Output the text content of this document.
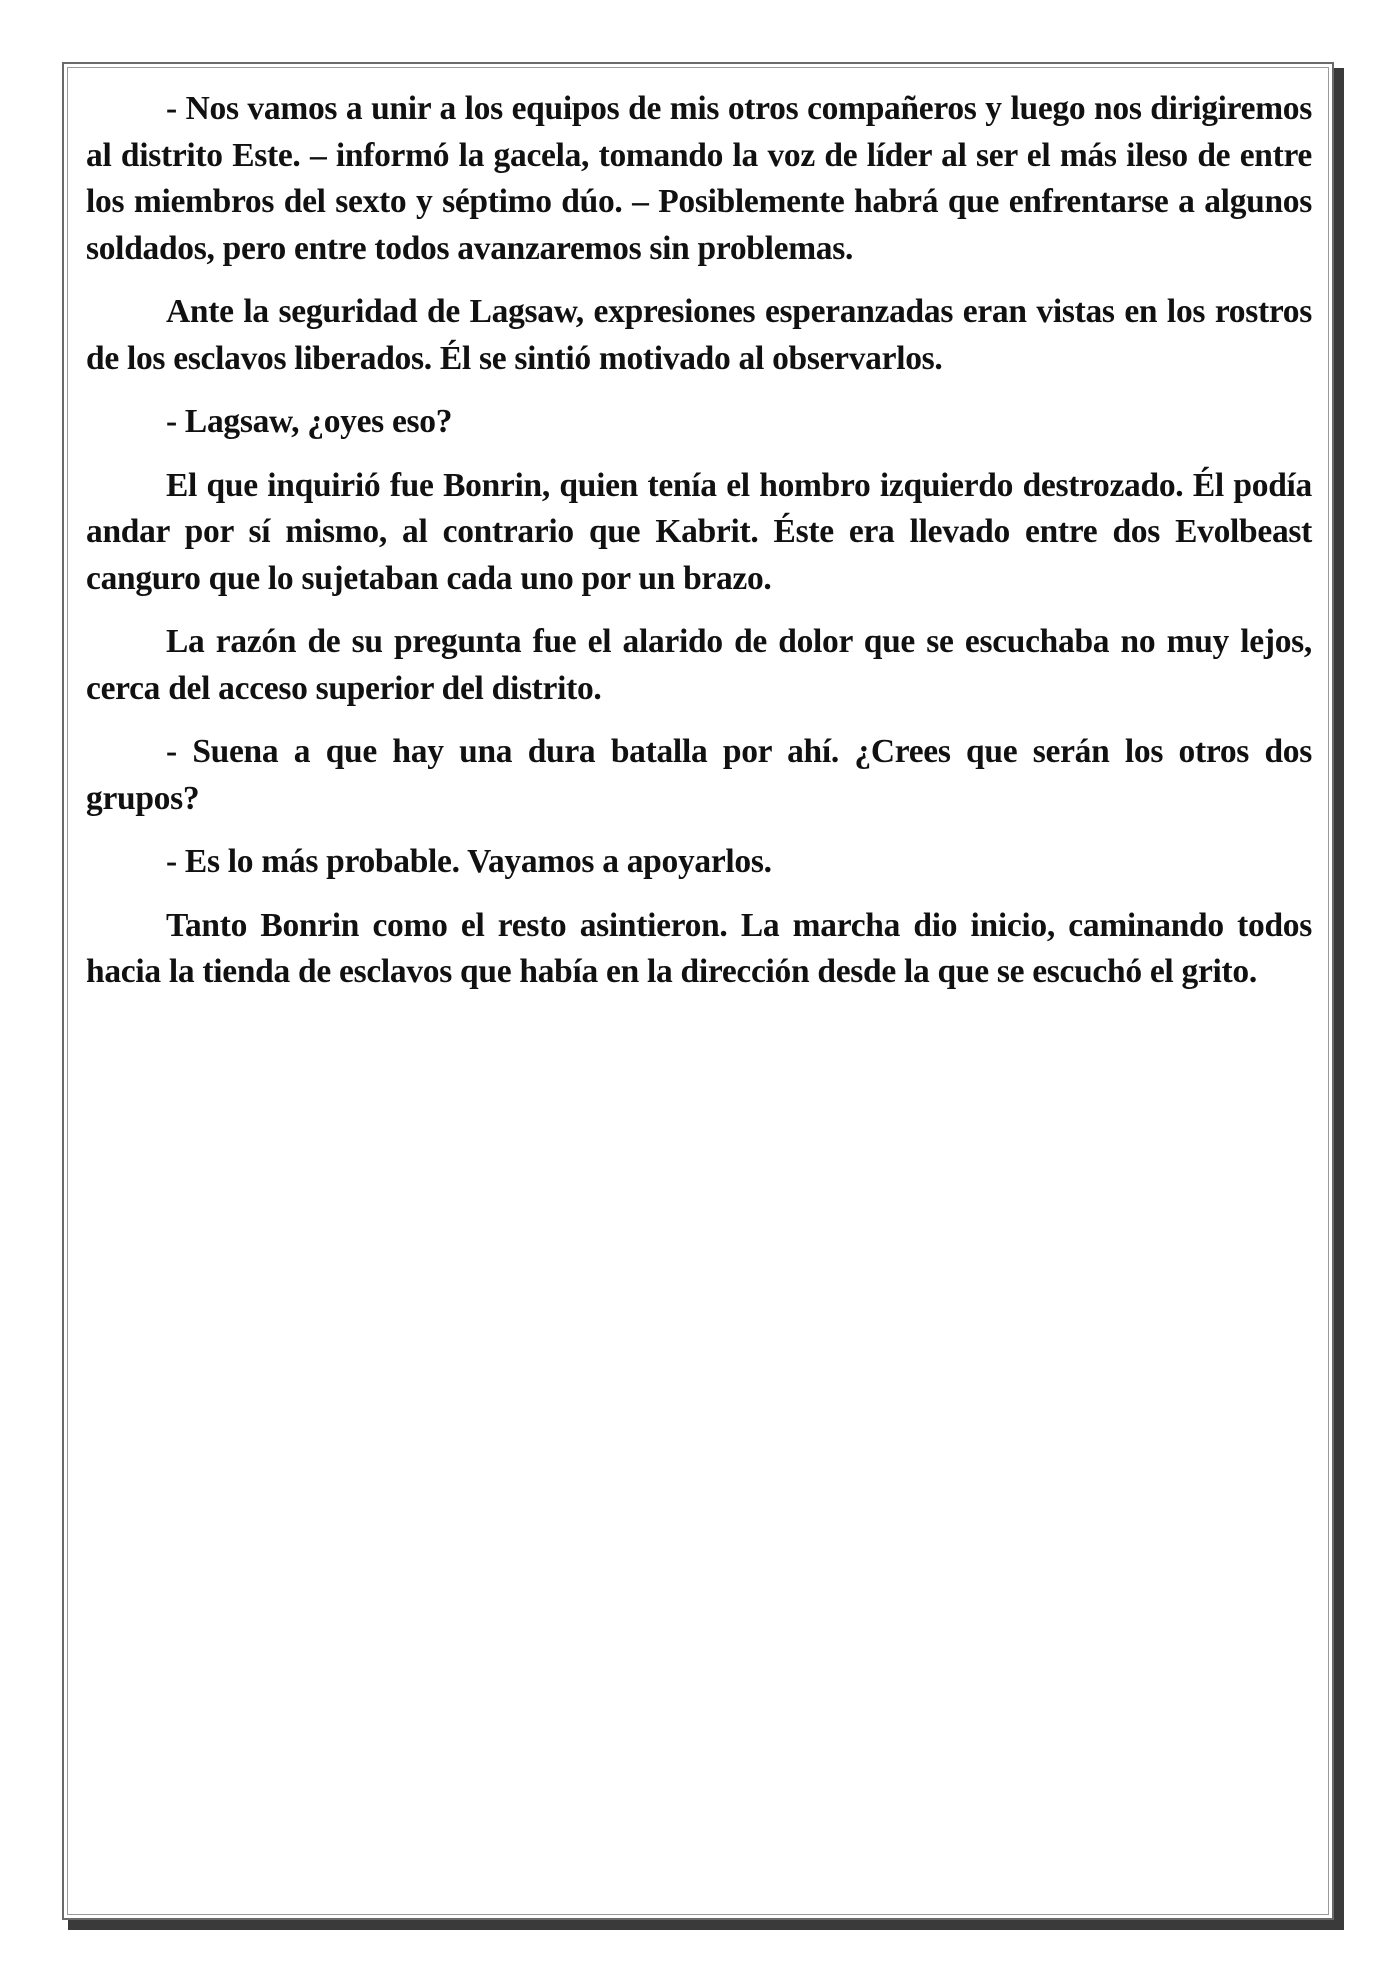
- Nos vamos a unir a los equipos de mis otros compañeros y luego nos dirigiremos al distrito Este. – informó la gacela, tomando la voz de líder al ser el más ileso de entre los miembros del sexto y séptimo dúo. – Posiblemente habrá que enfrentarse a algunos soldados, pero entre todos avanzaremos sin problemas.

Ante la seguridad de Lagsaw, expresiones esperanzadas eran vistas en los rostros de los esclavos liberados. Él se sintió motivado al observarlos.

- Lagsaw, ¿oyes eso?

El que inquirió fue Bonrin, quien tenía el hombro izquierdo destrozado. Él podía andar por sí mismo, al contrario que Kabrit. Éste era llevado entre dos Evolbeast canguro que lo sujetaban cada uno por un brazo.

La razón de su pregunta fue el alarido de dolor que se escuchaba no muy lejos, cerca del acceso superior del distrito.

- Suena a que hay una dura batalla por ahí. ¿Crees que serán los otros dos grupos?

- Es lo más probable. Vayamos a apoyarlos.

Tanto Bonrin como el resto asintieron. La marcha dio inicio, caminando todos hacia la tienda de esclavos que había en la dirección desde la que se escuchó el grito.
